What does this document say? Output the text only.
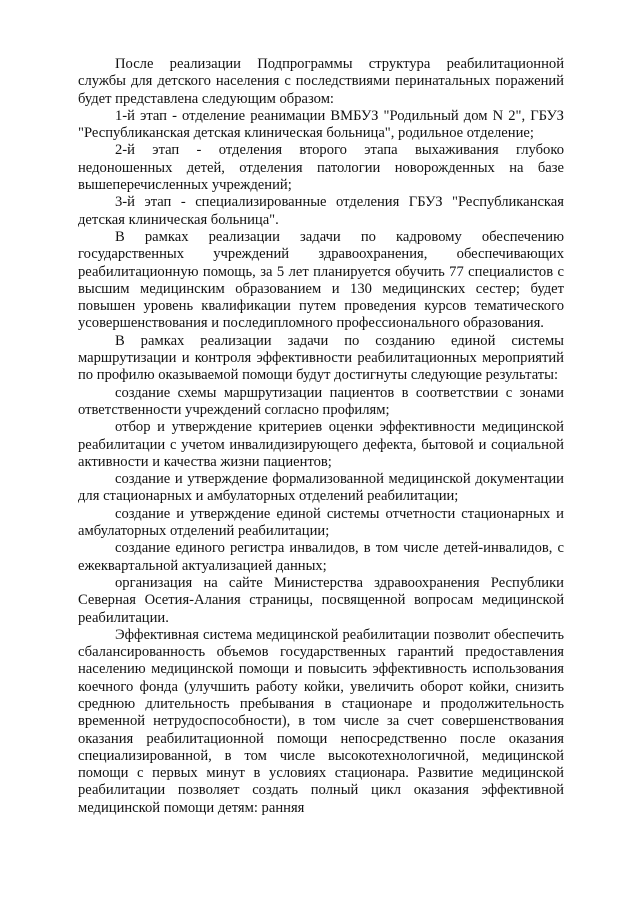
После реализации Подпрограммы структура реабилитационной службы для детского населения с последствиями перинатальных поражений будет представлена следующим образом:

1-й этап - отделение реанимации ВМБУЗ "Родильный дом N 2", ГБУЗ "Республиканская детская клиническая больница", родильное отделение;

2-й этап - отделения второго этапа выхаживания глубоко недоношенных детей, отделения патологии новорожденных на базе вышеперечисленных учреждений;

3-й этап - специализированные отделения ГБУЗ "Республиканская детская клиническая больница".

В рамках реализации задачи по кадровому обеспечению государственных учреждений здравоохранения, обеспечивающих реабилитационную помощь, за 5 лет планируется обучить 77 специалистов с высшим медицинским образованием и 130 медицинских сестер; будет повышен уровень квалификации путем проведения курсов тематического усовершенствования и последипломного профессионального образования.

В рамках реализации задачи по созданию единой системы маршрутизации и контроля эффективности реабилитационных мероприятий по профилю оказываемой помощи будут достигнуты следующие результаты:

создание схемы маршрутизации пациентов в соответствии с зонами ответственности учреждений согласно профилям;

отбор и утверждение критериев оценки эффективности медицинской реабилитации с учетом инвалидизирующего дефекта, бытовой и социальной активности и качества жизни пациентов;

создание и утверждение формализованной медицинской документации для стационарных и амбулаторных отделений реабилитации;

создание и утверждение единой системы отчетности стационарных и амбулаторных отделений реабилитации;

создание единого регистра инвалидов, в том числе детей-инвалидов, с ежеквартальной актуализацией данных;

организация на сайте Министерства здравоохранения Республики Северная Осетия-Алания страницы, посвященной вопросам медицинской реабилитации.

Эффективная система медицинской реабилитации позволит обеспечить сбалансированность объемов государственных гарантий предоставления населению медицинской помощи и повысить эффективность использования коечного фонда (улучшить работу койки, увеличить оборот койки, снизить среднюю длительность пребывания в стационаре и продолжительность временной нетрудоспособности), в том числе за счет совершенствования оказания реабилитационной помощи непосредственно после оказания специализированной, в том числе высокотехнологичной, медицинской помощи с первых минут в условиях стационара. Развитие медицинской реабилитации позволяет создать полный цикл оказания эффективной медицинской помощи детям: ранняя
